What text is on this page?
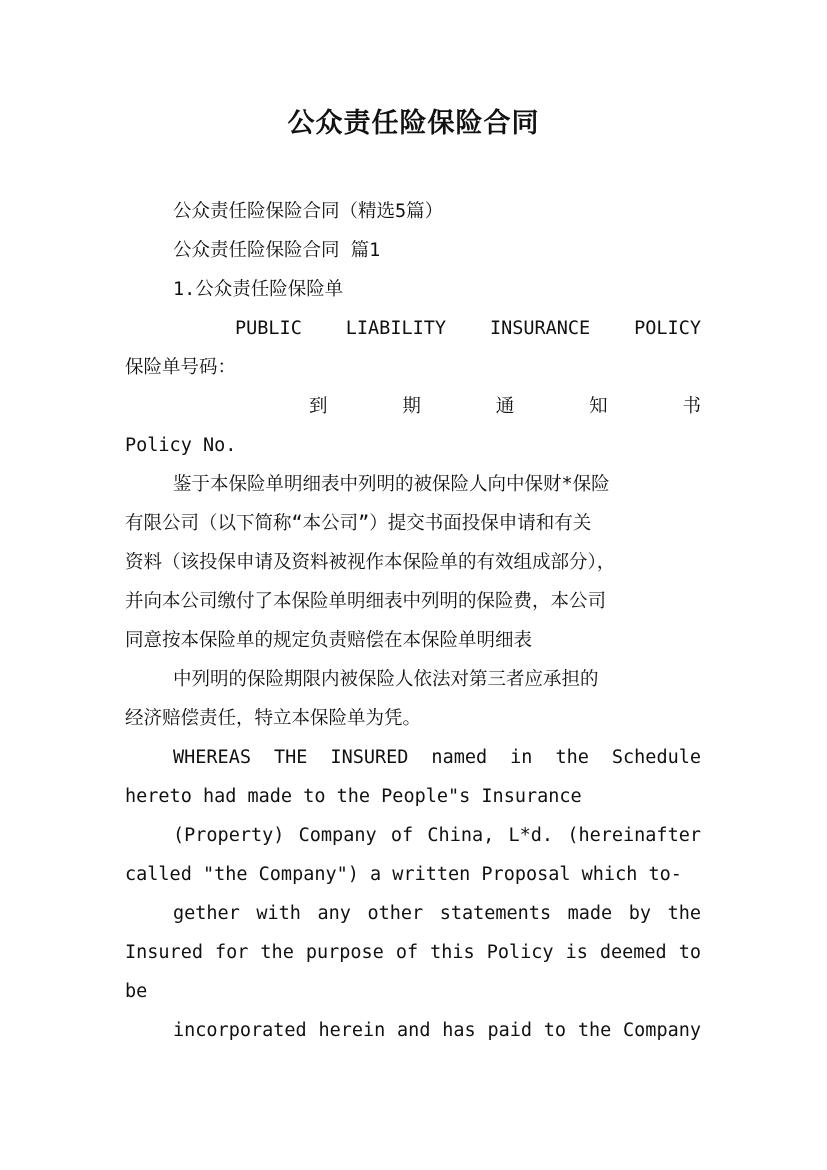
公众责任险保险合同
公众责任险保险合同（精选5篇）
公众责任险保险合同 篇1
1.公众责任险保险单
PUBLIC LIABILITY INSURANCE POLICY
保险单号码：
到	期	通	知	书
Policy No.
鉴于本保险单明细表中列明的被保险人向中保财*保险
有限公司（以下简称“本公司”）提交书面投保申请和有关
资料（该投保申请及资料被视作本保险单的有效组成部分），
并向本公司缴付了本保险单明细表中列明的保险费，本公司
同意按本保险单的规定负责赔偿在本保险单明细表
中列明的保险期限内被保险人依法对第三者应承担的
经济赔偿责任，特立本保险单为凭。
WHEREAS THE INSURED named in the Schedule
hereto had made to the People"s Insurance
(Property) Company of China, L*d. (hereinafter
called "the Company") a written Proposal which to-
gether with any other statements made by the
Insured for the purpose of this Policy is deemed to
be
incorporated herein and has paid to the Company
